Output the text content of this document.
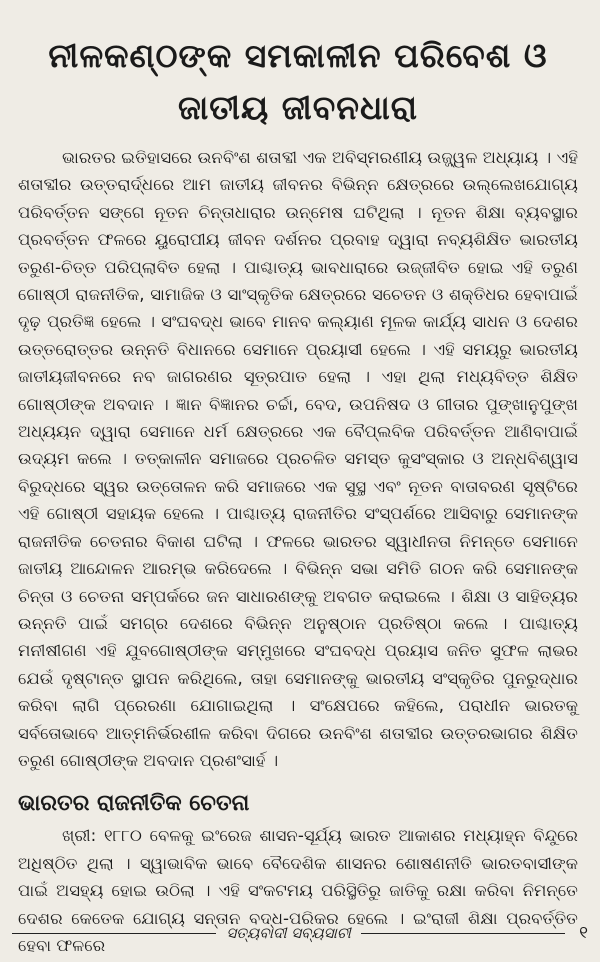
ନୀଳକଣ୍ଠଙ୍କ ସମକାଳୀନ ପରିବେଶ ଓ
ଜାତୀୟ ଜୀବନଧାରା

ଭାରତର ଇତିହାସରେ ଉନବିଂଶ ଶତାବ୍ଦୀ ଏକ ଅବିସ୍ମରଣୀୟ ଉଜ୍ଜ୍ୱଳ ଅଧ୍ୟାୟ । ଏହି ଶତାବ୍ଦୀର ଉତ୍ତରାର୍ଦ୍ଧରେ ଆମ ଜାତୀୟ ଜୀବନର ବିଭିନ୍ନ କ୍ଷେତ୍ରରେ ଉଲ୍ଲେଖଯୋଗ୍ୟ ପରିବର୍ତ୍ତନ ସଙ୍ଗେ ନୂତନ ଚିନ୍ତାଧାରାର ଉନ୍ମେଷ ଘଟିଥିଲା । ନୂତନ ଶିକ୍ଷା ବ୍ୟବସ୍ଥାର ପ୍ରବର୍ତ୍ତନ ଫଳରେ ୟୁରୋପୀୟ ଜୀବନ ଦର୍ଶନର ପ୍ରବାହ ଦ୍ୱାରା ନବ୍ୟଶିକ୍ଷିତ ଭାରତୀୟ ତରୁଣ-ଚିତ୍ତ ପରିପ୍ଲାବିତ ହେଲା । ପାଶ୍ଚାତ୍ୟ ଭାବଧାରାରେ ଉଜ୍ଜୀବିତ ହୋଇ ଏହି ତରୁଣ ଗୋଷ୍ଠୀ ରାଜନୀତିକ, ସାମାଜିକ ଓ ସାଂସ୍କୃତିକ କ୍ଷେତ୍ରରେ ସଚେତନ ଓ ଶକ୍ତିଧର ହେବାପାଇଁ ଦୃଢ଼ ପ୍ରତିଜ୍ଞ ହେଲେ । ସଂଘବଦ୍ଧ ଭାବେ ମାନବ କଲ୍ୟାଣ ମୂଳକ କାର୍ଯ୍ୟ ସାଧନ ଓ ଦେଶର ଉତ୍ତରୋତ୍ତର ଉନ୍ନତି ବିଧାନରେ ସେମାନେ ପ୍ରୟାସୀ ହେଲେ । ଏହି ସମୟରୁ ଭାରତୀୟ ଜାତୀୟଜୀବନରେ ନବ ଜାଗରଣର ସୂତ୍ରପାତ ହେଲା । ଏହା ଥିଲା ମଧ୍ୟବିତ୍ତ ଶିକ୍ଷିତ ଗୋଷ୍ଠୀଙ୍କ ଅବଦାନ । ଜ୍ଞାନ ବିଜ୍ଞାନର ଚର୍ଚ୍ଚା, ବେଦ, ଉପନିଷଦ ଓ ଗୀତାର ପୁଙ୍ଖାନୁପୁଙ୍ଖ ଅଧ୍ୟୟନ ଦ୍ୱାରା ସେମାନେ ଧର୍ମ କ୍ଷେତ୍ରରେ ଏକ ବୈପ୍ଲବିକ ପରିବର୍ତ୍ତନ ଆଣିବାପାଇଁ ଉଦ୍ୟମ କଲେ । ତତ୍କାଳୀନ ସମାଜରେ ପ୍ରଚଳିତ ସମସ୍ତ କୁସଂସ୍କାର ଓ ଅନ୍ଧବିଶ୍ୱାସ ବିରୁଦ୍ଧରେ ସ୍ୱର ଉତ୍ତୋଳନ କରି ସମାଜରେ ଏକ ସୁସ୍ଥ ଏବଂ ନୂତନ ବାତାବରଣ ସୃଷ୍ଟିରେ ଏହି ଗୋଷ୍ଠୀ ସହାୟକ ହେଲେ । ପାଶ୍ଚାତ୍ୟ ରାଜନୀତିର ସଂସ୍ପର୍ଶରେ ଆସିବାରୁ ସେମାନଙ୍କ ରାଜନୀତିକ ଚେତନାର ବିକାଶ ଘଟିଲା । ଫଳରେ ଭାରତର ସ୍ୱାଧୀନତା ନିମନ୍ତେ ସେମାନେ ଜାତୀୟ ଆନ୍ଦୋଳନ ଆରମ୍ଭ କରିଦେଲେ । ବିଭିନ୍ନ ସଭା ସମିତି ଗଠନ କରି ସେମାନଙ୍କ ଚିନ୍ତା ଓ ଚେତନା ସମ୍ପର୍କରେ ଜନ ସାଧାରଣଙ୍କୁ ଅବଗତ କରାଇଲେ । ଶିକ୍ଷା ଓ ସାହିତ୍ୟର ଉନ୍ନତି ପାଇଁ ସମଗ୍ର ଦେଶରେ ବିଭିନ୍ନ ଅନୁଷ୍ଠାନ ପ୍ରତିଷ୍ଠା କଲେ । ପାଶ୍ଚାତ୍ୟ ମନୀଷୀଗଣ ଏହି ଯୁବଗୋଷ୍ଠୀଙ୍କ ସମ୍ମୁଖରେ ସଂଘବଦ୍ଧ ପ୍ରୟାସ ଜନିତ ସୁଫଳ ଲାଭର ଯେଉଁ ଦୃଷ୍ଟାନ୍ତ ସ୍ଥାପନ କରିଥିଲେ, ତାହା ସେମାନଙ୍କୁ ଭାରତୀୟ ସଂସ୍କୃତିର ପୁନରୁଦ୍ଧାର କରିବା ଲାଗି ପ୍ରେରଣା ଯୋଗାଇଥିଲା । ସଂକ୍ଷେପରେ କହିଲେ, ପରାଧୀନ ଭାରତକୁ ସର୍ବତୋଭାବେ ଆତ୍ମନିର୍ଭରଶୀଳ କରିବା ଦିଗରେ ଉନବିଂଶ ଶତାବ୍ଦୀର ଉତ୍ତରଭାଗର ଶିକ୍ଷିତ ତରୁଣ ଗୋଷ୍ଠୀଙ୍କ ଅବଦାନ ପ୍ରଶଂସାର୍ହ ।

ଭାରତର ରାଜନୀତିକ ଚେତନା

ଖ୍ରୀ: ୧୮୮୦ ବେଳକୁ ଇଂରେଜ ଶାସନ-ସୂର୍ଯ୍ୟ ଭାରତ ଆକାଶର ମଧ୍ୟାହ୍ନ ବିନ୍ଦୁରେ ଅଧିଷ୍ଠିତ ଥିଲା । ସ୍ୱାଭାବିକ ଭାବେ ବୈଦେଶିକ ଶାସନର ଶୋଷଣନୀତି ଭାରତବାସୀଙ୍କ ପାଇଁ ଅସହ୍ୟ ହୋଇ ଉଠିଲା । ଏହି ସଂକଟମୟ ପରିସ୍ଥିତିରୁ ଜାତିକୁ ରକ୍ଷା କରିବା ନିମନ୍ତେ ଦେଶର କେତେକ ଯୋଗ୍ୟ ସନ୍ତାନ ବଦ୍ଧ-ପରିକର ହେଲେ । ଇଂରାଜୀ ଶିକ୍ଷା ପ୍ରବର୍ତ୍ତିତ ହେବା ଫଳରେ

ସତ୍ୟବାଦୀ ସବ୍ୟସାଚୀ	୧
